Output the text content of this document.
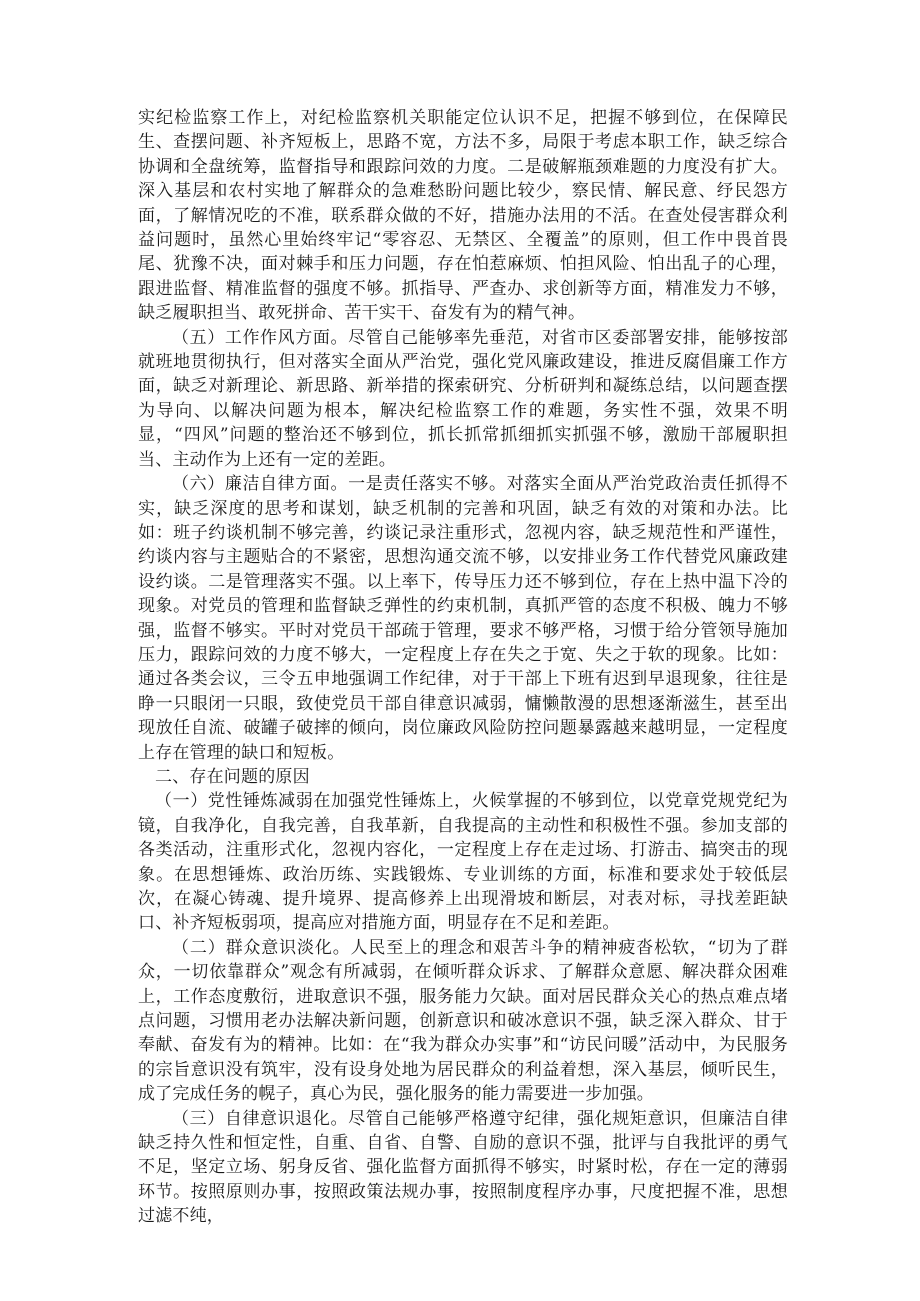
实纪检监察工作上，对纪检监察机关职能定位认识不足，把握不够到位，在保障民生、查摆问题、补齐短板上，思路不宽，方法不多，局限于考虑本职工作，缺乏综合协调和全盘统筹，监督指导和跟踪问效的力度。二是破解瓶颈难题的力度没有扩大。深入基层和农村实地了解群众的急难愁盼问题比较少，察民情、解民意、纾民怨方面，了解情况吃的不准，联系群众做的不好，措施办法用的不活。在查处侵害群众利益问题时，虽然心里始终牢记“零容忍、无禁区、全覆盖”的原则，但工作中畏首畏尾、犹豫不决，面对棘手和压力问题，存在怕惹麻烦、怕担风险、怕出乱子的心理，跟进监督、精准监督的强度不够。抓指导、严查办、求创新等方面，精准发力不够，缺乏履职担当、敢死拼命、苦干实干、奋发有为的精气神。

（五）工作作风方面。尽管自己能够率先垂范，对省市区委部署安排，能够按部就班地贯彻执行，但对落实全面从严治党，强化党风廉政建设，推进反腐倡廉工作方面，缺乏对新理论、新思路、新举措的探索研究、分析研判和凝练总结，以问题查摆为导向、以解决问题为根本，解决纪检监察工作的难题，务实性不强，效果不明显，“四风”问题的整治还不够到位，抓长抓常抓细抓实抓强不够，激励干部履职担当、主动作为上还有一定的差距。

（六）廉洁自律方面。一是责任落实不够。对落实全面从严治党政治责任抓得不实，缺乏深度的思考和谋划，缺乏机制的完善和巩固，缺乏有效的对策和办法。比如：班子约谈机制不够完善，约谈记录注重形式，忽视内容，缺乏规范性和严谨性，约谈内容与主题贴合的不紧密，思想沟通交流不够，以安排业务工作代替党风廉政建设约谈。二是管理落实不强。以上率下，传导压力还不够到位，存在上热中温下冷的现象。对党员的管理和监督缺乏弹性的约束机制，真抓严管的态度不积极、魄力不够强，监督不够实。平时对党员干部疏于管理，要求不够严格，习惯于给分管领导施加压力，跟踪问效的力度不够大，一定程度上存在失之于宽、失之于软的现象。比如：通过各类会议，三令五申地强调工作纪律，对于干部上下班有迟到早退现象，往往是睁一只眼闭一只眼，致使党员干部自律意识减弱，慵懒散漫的思想逐渐滋生，甚至出现放任自流、破罐子破摔的倾向，岗位廉政风险防控问题暴露越来越明显，一定程度上存在管理的缺口和短板。

二、存在问题的原因

（一）党性锤炼减弱在加强党性锤炼上，火候掌握的不够到位，以党章党规党纪为镜，自我净化，自我完善，自我革新，自我提高的主动性和积极性不强。参加支部的各类活动，注重形式化，忽视内容化，一定程度上存在走过场、打游击、搞突击的现象。在思想锤炼、政治历练、实践锻炼、专业训练的方面，标准和要求处于较低层次，在凝心铸魂、提升境界、提高修养上出现滑坡和断层，对表对标，寻找差距缺口、补齐短板弱项，提高应对措施方面，明显存在不足和差距。

（二）群众意识淡化。人民至上的理念和艰苦斗争的精神疲沓松软，“切为了群众，一切依靠群众”观念有所减弱，在倾听群众诉求、了解群众意愿、解决群众困难上，工作态度敷衍，进取意识不强，服务能力欠缺。面对居民群众关心的热点难点堵点问题，习惯用老办法解决新问题，创新意识和破冰意识不强，缺乏深入群众、甘于奉献、奋发有为的精神。比如：在“我为群众办实事”和“访民问暖”活动中，为民服务的宗旨意识没有筑牢，没有设身处地为居民群众的利益着想，深入基层，倾听民生，成了完成任务的幌子，真心为民，强化服务的能力需要进一步加强。

（三）自律意识退化。尽管自己能够严格遵守纪律，强化规矩意识，但廉洁自律缺乏持久性和恒定性，自重、自省、自警、自励的意识不强，批评与自我批评的勇气不足，坚定立场、躬身反省、强化监督方面抓得不够实，时紧时松，存在一定的薄弱环节。按照原则办事，按照政策法规办事，按照制度程序办事，尺度把握不准，思想过滤不纯，
